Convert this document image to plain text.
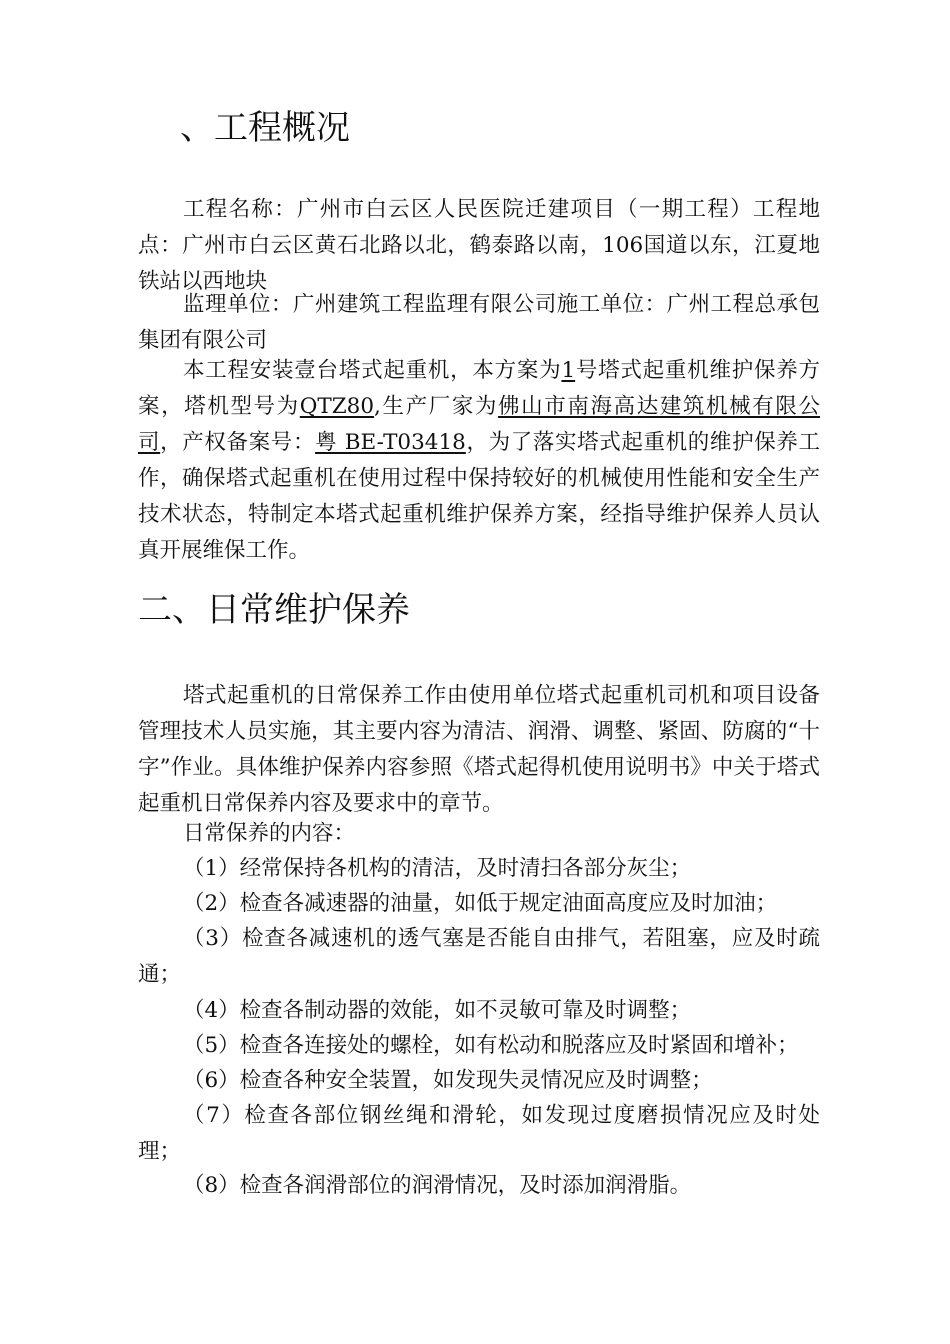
、工程概况

工程名称：广州市白云区人民医院迁建项目（一期工程）工程地点：广州市白云区黄石北路以北，鹤泰路以南，106国道以东，江夏地铁站以西地块

监理单位：广州建筑工程监理有限公司施工单位：广州工程总承包集团有限公司

本工程安装壹台塔式起重机，本方案为1号塔式起重机维护保养方案，塔机型号为QTZ80,生产厂家为佛山市南海高达建筑机械有限公司，产权备案号：粤 BE-T03418，为了落实塔式起重机的维护保养工作，确保塔式起重机在使用过程中保持较好的机械使用性能和安全生产技术状态，特制定本塔式起重机维护保养方案，经指导维护保养人员认真开展维保工作。

二、日常维护保养

塔式起重机的日常保养工作由使用单位塔式起重机司机和项目设备管理技术人员实施，其主要内容为清洁、润滑、调整、紧固、防腐的“十字”作业。具体维护保养内容参照《塔式起得机使用说明书》中关于塔式起重机日常保养内容及要求中的章节。

日常保养的内容：

（1）经常保持各机构的清洁，及时清扫各部分灰尘；

（2）检查各减速器的油量，如低于规定油面高度应及时加油；

（3）检查各减速机的透气塞是否能自由排气，若阻塞，应及时疏通；

（4）检查各制动器的效能，如不灵敏可靠及时调整；

（5）检查各连接处的螺栓，如有松动和脱落应及时紧固和增补；

（6）检查各种安全装置，如发现失灵情况应及时调整；

（7）检查各部位钢丝绳和滑轮，如发现过度磨损情况应及时处理；

（8）检查各润滑部位的润滑情况，及时添加润滑脂。
